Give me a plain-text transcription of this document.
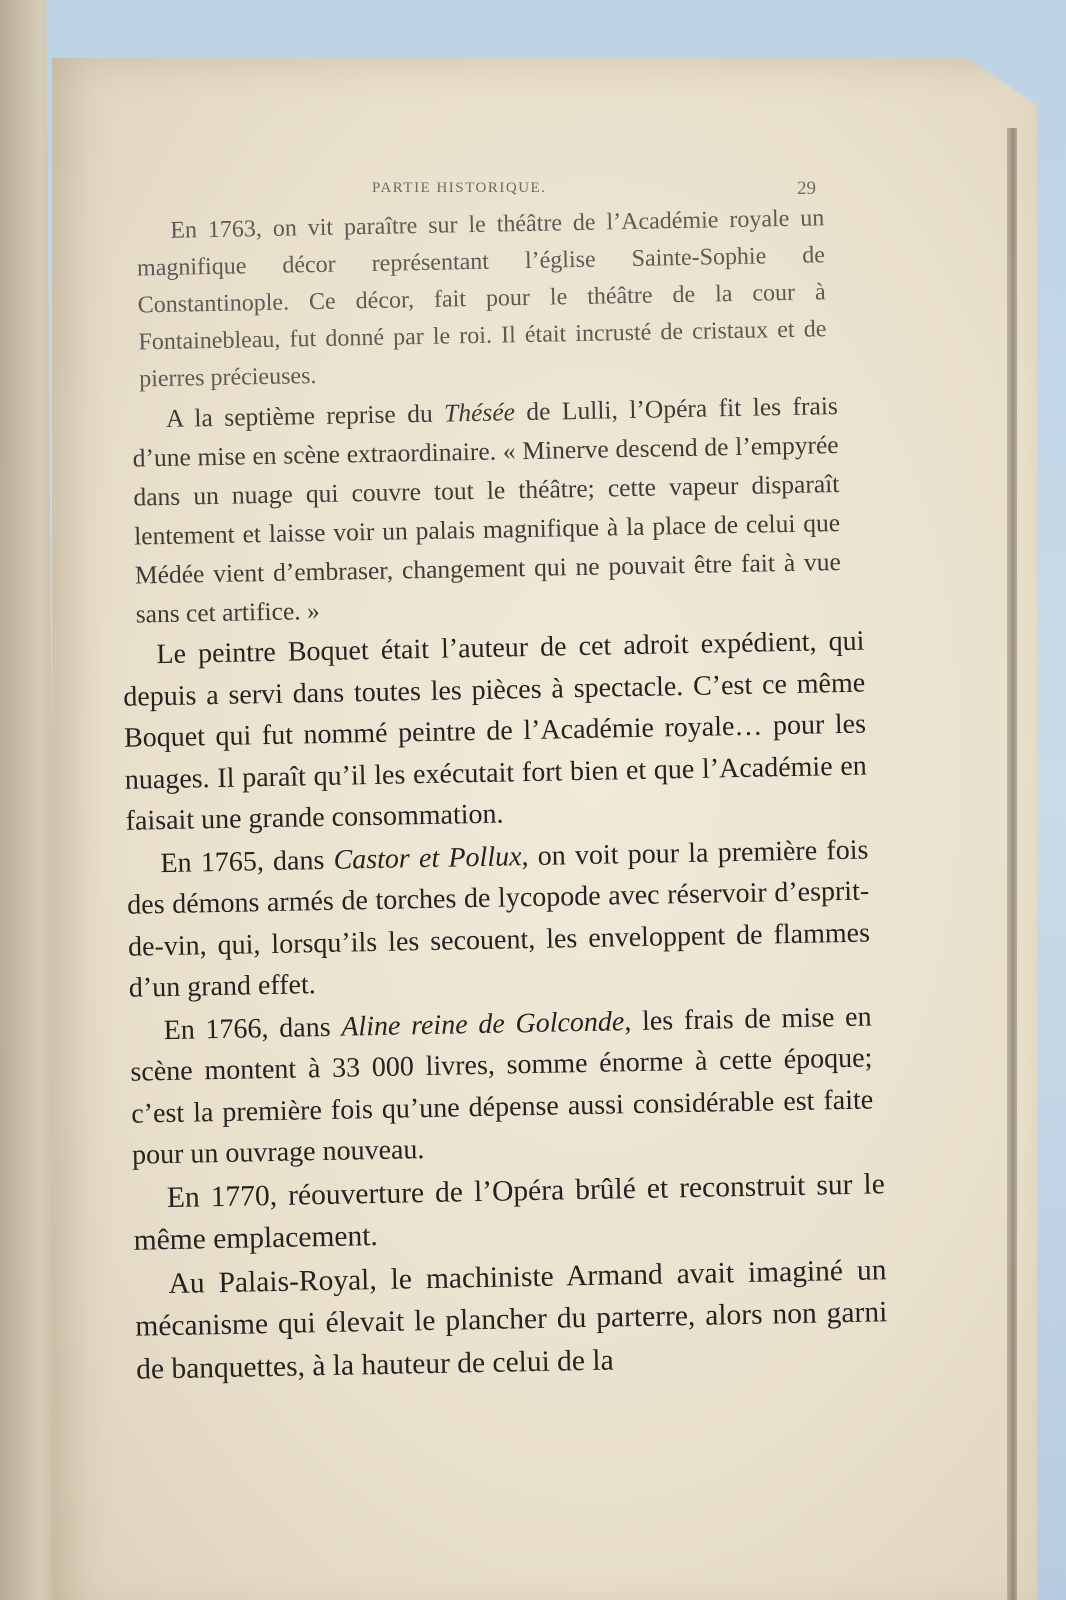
PARTIE HISTORIQUE.	29

En 1763, on vit paraître sur le théâtre de l’Académie royale un magnifique décor représentant l’église Sainte-Sophie de Constantinople. Ce décor, fait pour le théâtre de la cour à Fontainebleau, fut donné par le roi. Il était incrusté de cristaux et de pierres précieuses.

A la septième reprise du Thésée de Lulli, l’Opéra fit les frais d’une mise en scène extraordinaire. « Minerve descend de l’empyrée dans un nuage qui couvre tout le théâtre; cette vapeur disparaît lentement et laisse voir un palais magnifique à la place de celui que Médée vient d’embraser, changement qui ne pouvait être fait à vue sans cet artifice. »

Le peintre Boquet était l’auteur de cet adroit expédient, qui depuis a servi dans toutes les pièces à spectacle. C’est ce même Boquet qui fut nommé peintre de l’Académie royale… pour les nuages. Il paraît qu’il les exécutait fort bien et que l’Académie en faisait une grande consommation.

En 1765, dans Castor et Pollux, on voit pour la première fois des démons armés de torches de lycopode avec réservoir d’esprit-de-vin, qui, lorsqu’ils les secouent, les enveloppent de flammes d’un grand effet.

En 1766, dans Aline reine de Golconde, les frais de mise en scène montent à 33 000 livres, somme énorme à cette époque; c’est la première fois qu’une dépense aussi considérable est faite pour un ouvrage nouveau.

En 1770, réouverture de l’Opéra brûlé et reconstruit sur le même emplacement.

Au Palais-Royal, le machiniste Armand avait imaginé un mécanisme qui élevait le plancher du parterre, alors non garni de banquettes, à la hauteur de celui de la
